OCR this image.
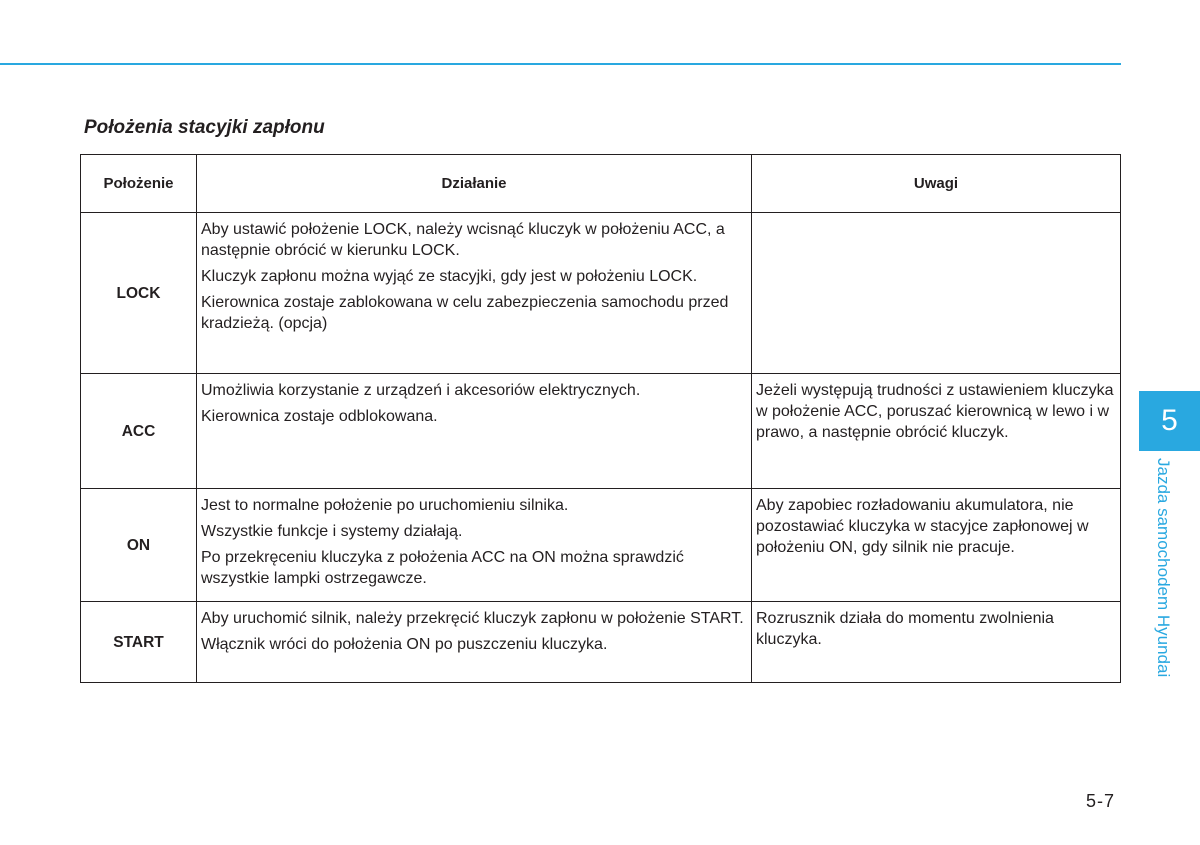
Położenia stacyjki zapłonu
Położenie	Działanie	Uwagi
LOCK	Aby ustawić położenie LOCK, należy wcisnąć kluczyk w położeniu ACC, a następnie obrócić w kierunku LOCK.

Kluczyk zapłonu można wyjąć ze stacyjki, gdy jest w położeniu LOCK.

Kierownica zostaje zablokowana w celu zabezpieczenia samochodu przed kradzieżą. (opcja)	

ACC	Umożliwia korzystanie z urządzeń i akcesoriów elektrycznych.

Kierownica zostaje odblokowana.	Jeżeli występują trudności z ustawieniem kluczyka w położenie ACC, poruszać kierownicą w lewo i w prawo, a następnie obrócić kluczyk.

ON	Jest to normalne położenie po uruchomieniu silnika.

Wszystkie funkcje i systemy działają.

Po przekręceniu kluczyka z położenia ACC na ON można sprawdzić wszystkie lampki ostrzegawcze.	Aby zapobiec rozładowaniu akumulatora, nie pozostawiać kluczyka w stacyjce zapłonowej w położeniu ON, gdy silnik nie pracuje.

START	Aby uruchomić silnik, należy przekręcić kluczyk zapłonu w położenie START.

Włącznik wróci do położenia ON po puszczeniu kluczyka.	Rozrusznik działa do momentu zwolnienia kluczyka.

5
Jazda samochodem Hyundai
5-7
